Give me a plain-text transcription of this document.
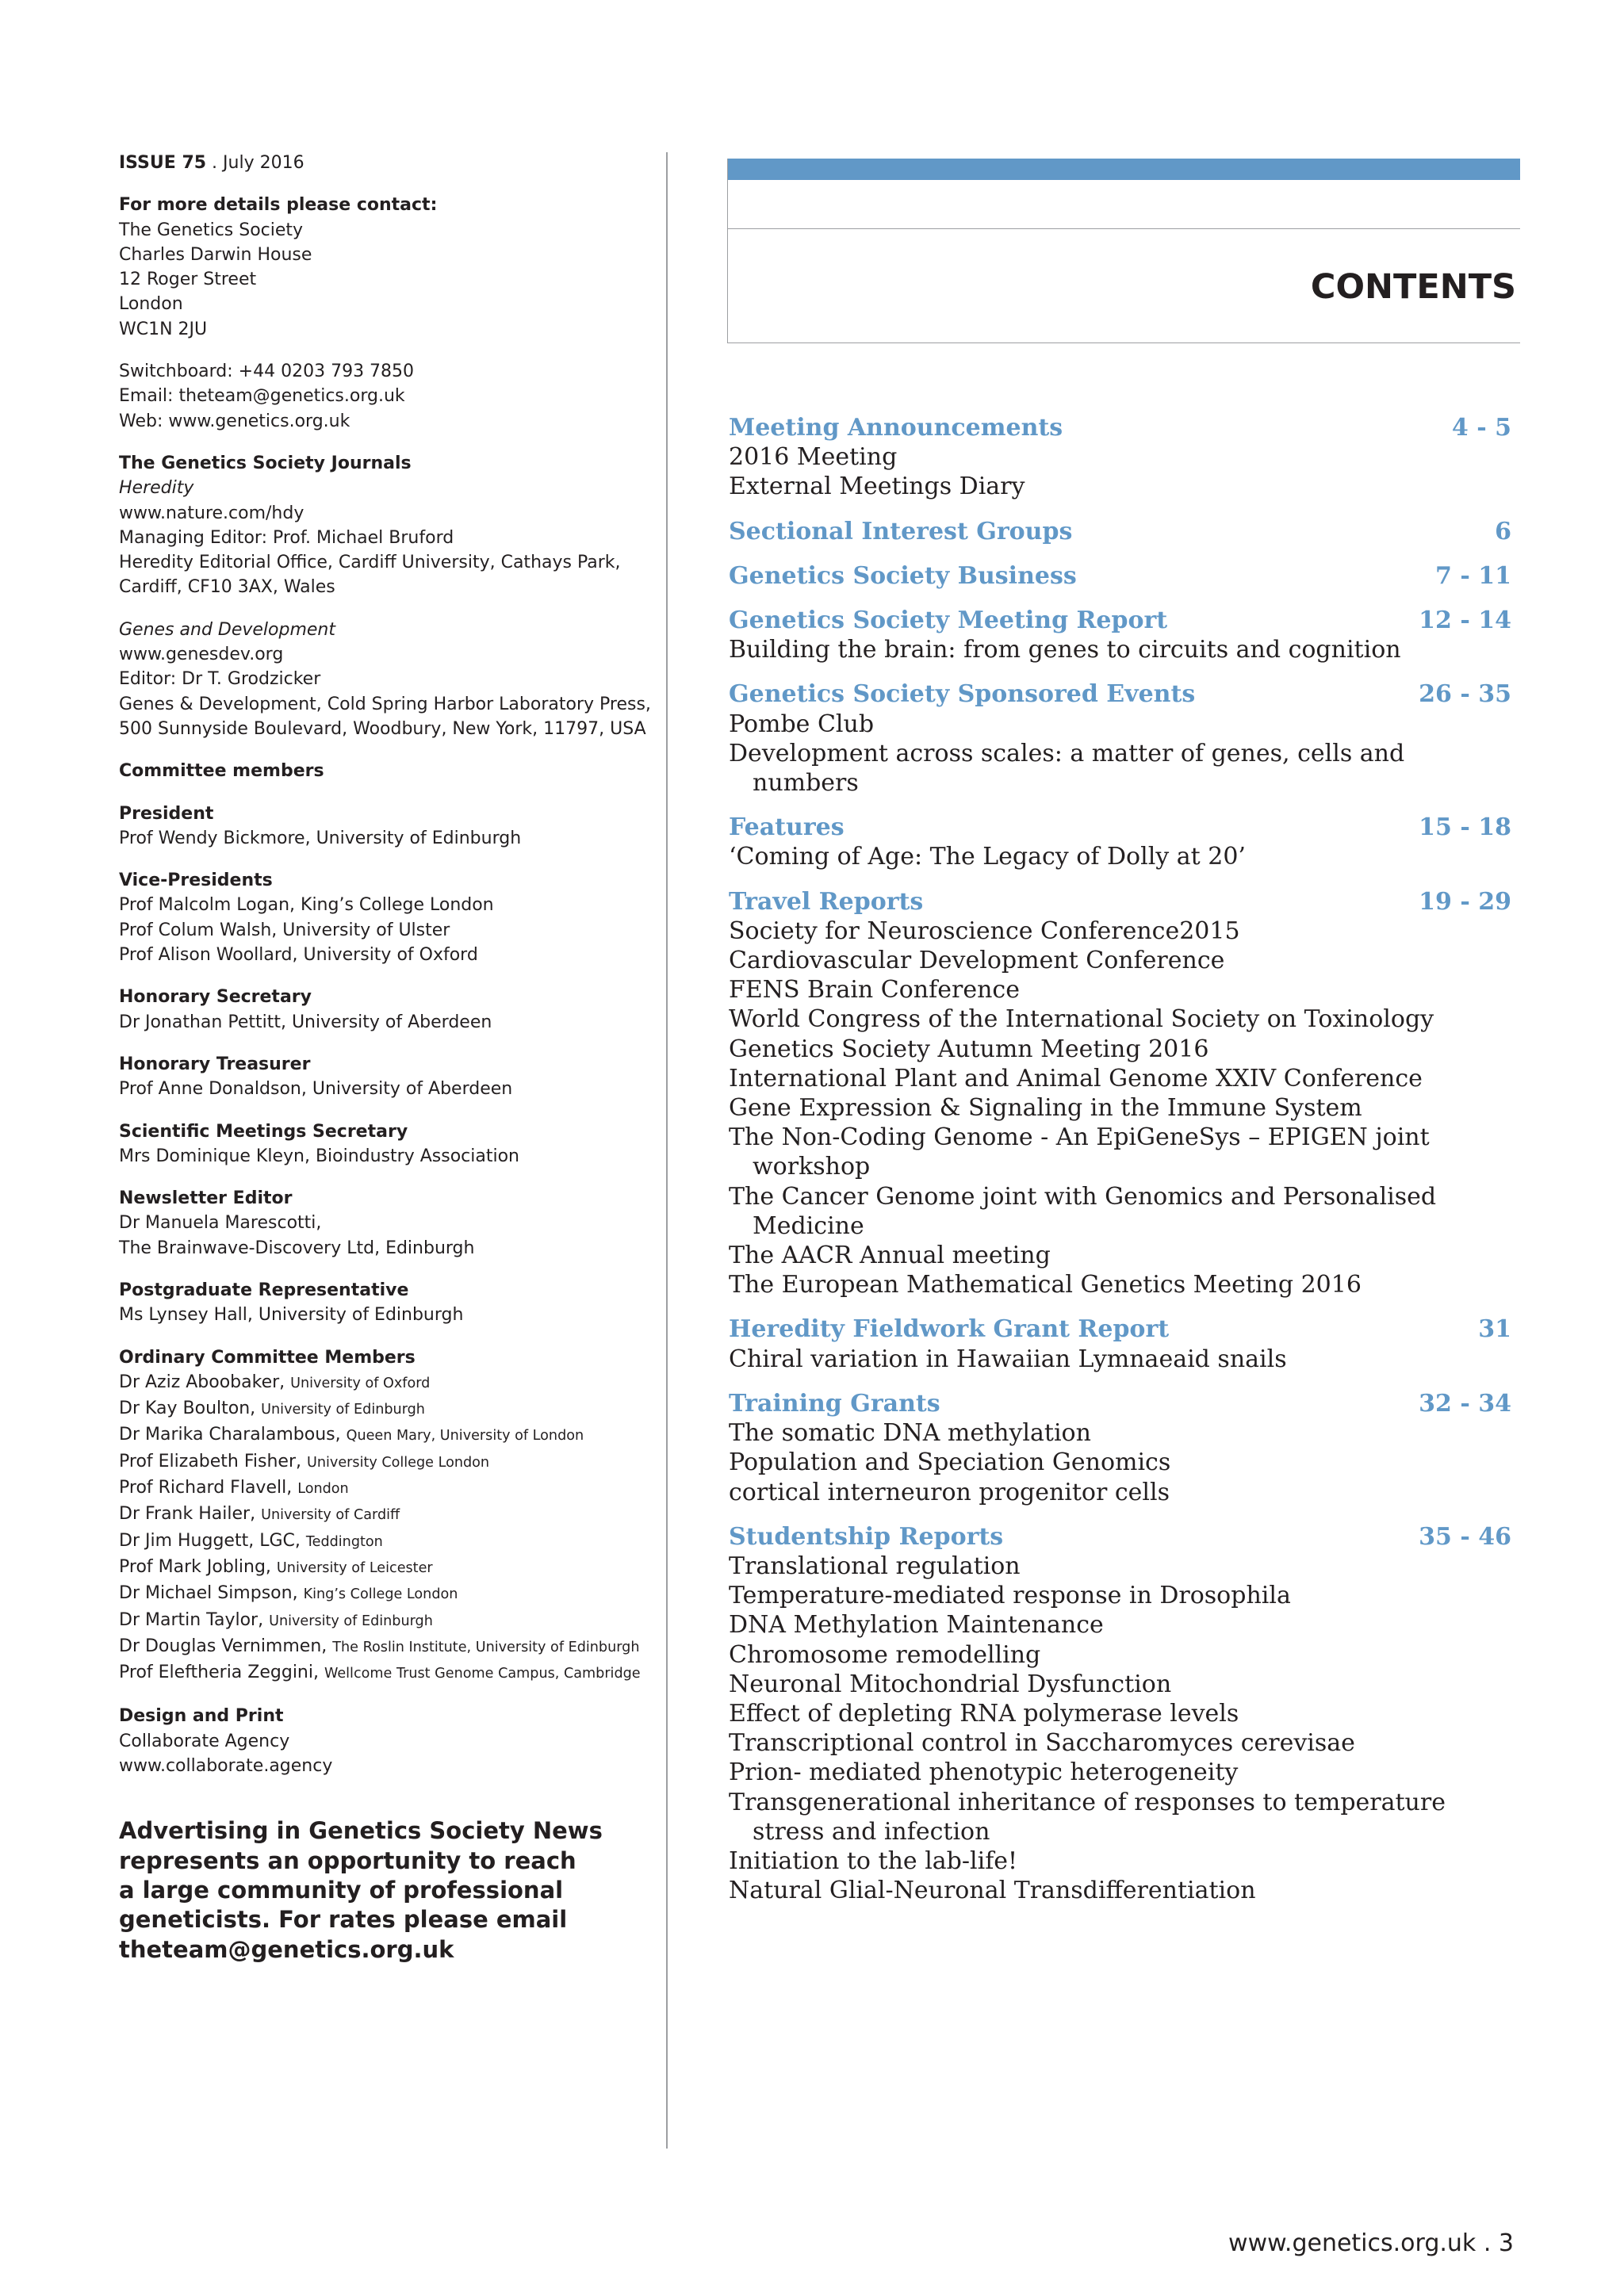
ISSUE 75 . July 2016
For more details please contact:
The Genetics Society
Charles Darwin House
12 Roger Street
London
WC1N 2JU
Switchboard: +44 0203 793 7850
Email: theteam@genetics.org.uk
Web: www.genetics.org.uk
The Genetics Society Journals
Heredity
www.nature.com/hdy
Managing Editor: Prof. Michael Bruford
Heredity Editorial Office, Cardiff University, Cathays Park,
Cardiff, CF10 3AX, Wales
Genes and Development
www.genesdev.org
Editor: Dr T. Grodzicker
Genes & Development, Cold Spring Harbor Laboratory Press,
500 Sunnyside Boulevard, Woodbury, New York, 11797, USA
Committee members
President
Prof Wendy Bickmore, University of Edinburgh
Vice-Presidents
Prof Malcolm Logan, King’s College London
Prof Colum Walsh, University of Ulster
Prof Alison Woollard, University of Oxford
Honorary Secretary
Dr Jonathan Pettitt, University of Aberdeen
Honorary Treasurer
Prof Anne Donaldson, University of Aberdeen
Scientific Meetings Secretary
Mrs Dominique Kleyn, Bioindustry Association
Newsletter Editor
Dr Manuela Marescotti,
The Brainwave-Discovery Ltd, Edinburgh
Postgraduate Representative
Ms Lynsey Hall, University of Edinburgh
Ordinary Committee Members
Dr Aziz Aboobaker, University of Oxford
Dr Kay Boulton, University of Edinburgh
Dr Marika Charalambous, Queen Mary, University of London
Prof Elizabeth Fisher, University College London
Prof Richard Flavell, London
Dr Frank Hailer, University of Cardiff
Dr Jim Huggett, LGC, Teddington
Prof Mark Jobling, University of Leicester
Dr Michael Simpson, King’s College London
Dr Martin Taylor, University of Edinburgh
Dr Douglas Vernimmen, The Roslin Institute, University of Edinburgh
Prof Eleftheria Zeggini, Wellcome Trust Genome Campus, Cambridge
Design and Print
Collaborate Agency
www.collaborate.agency
Advertising in Genetics Society News
represents an opportunity to reach
a large community of professional
geneticists. For rates please email
theteam@genetics.org.uk
CONTENTS
Meeting Announcements	4 - 5
2016 Meeting
External Meetings Diary
Sectional Interest Groups	6
Genetics Society Business	7 - 11
Genetics Society Meeting Report	12 - 14
Building the brain: from genes to circuits and cognition
Genetics Society Sponsored Events	26 - 35
Pombe Club
Development across scales: a matter of genes, cells and numbers
Features	15 - 18
‘Coming of Age: The Legacy of Dolly at 20’
Travel Reports	19 - 29
Society for Neuroscience Conference2015
Cardiovascular Development Conference
FENS Brain Conference
World Congress of the International Society on Toxinology
Genetics Society Autumn Meeting 2016
International Plant and Animal Genome XXIV Conference
Gene Expression & Signaling in the Immune System
The Non-Coding Genome - An EpiGeneSys – EPIGEN joint workshop
The Cancer Genome joint with Genomics and Personalised Medicine
The AACR Annual meeting
The European Mathematical Genetics Meeting 2016
Heredity Fieldwork Grant Report	31
Chiral variation in Hawaiian Lymnaeaid snails
Training Grants	32 - 34
The somatic DNA methylation
Population and Speciation Genomics
cortical interneuron progenitor cells
Studentship Reports	35 - 46
Translational regulation
Temperature-mediated response in Drosophila
DNA Methylation Maintenance
Chromosome remodelling
Neuronal Mitochondrial Dysfunction
Effect of depleting RNA polymerase levels
Transcriptional control in Saccharomyces cerevisae
Prion- mediated phenotypic heterogeneity
Transgenerational inheritance of responses to temperature stress and infection
Initiation to the lab-life!
Natural Glial-Neuronal Transdifferentiation
www.genetics.org.uk . 3
